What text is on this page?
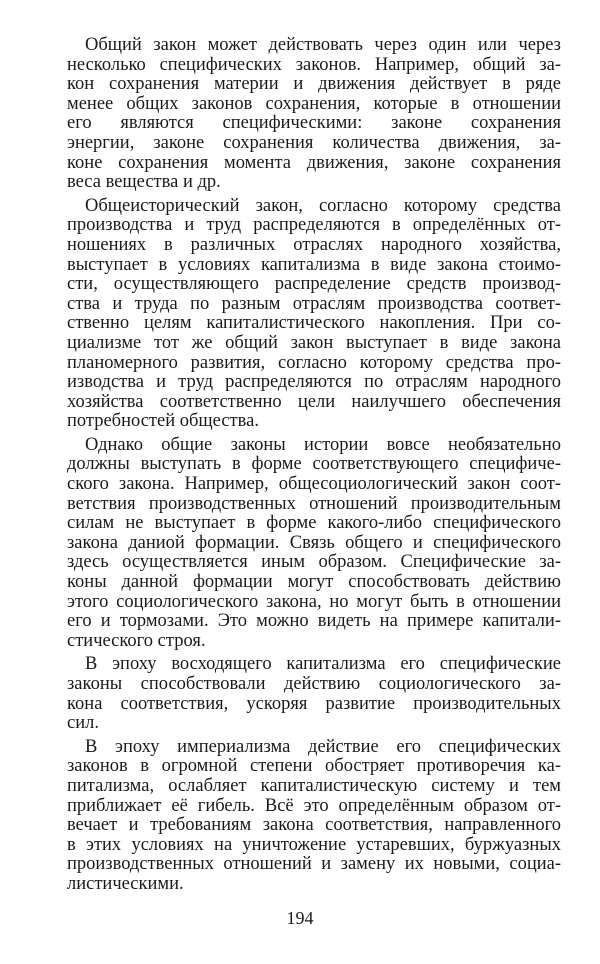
Общий закон может действовать через один или через
несколько специфических законов. Например, общий за-
кон сохранения материи и движения действует в ряде
менее общих законов сохранения, которые в отношении
его являются специфическими: законе сохранения
энергии, законе сохранения количества движения, за-
коне сохранения момента движения, законе сохранения
веса вещества и др.
Общеисторический закон, согласно которому средства
производства и труд распределяются в определённых от-
ношениях в различных отраслях народного хозяйства,
выступает в условиях капитализма в виде закона стоимо-
сти, осуществляющего распределение средств производ-
ства и труда по разным отраслям производства соответ-
ственно целям капиталистического накопления. При со-
циализме тот же общий закон выступает в виде закона
планомерного развития, согласно которому средства про-
изводства и труд распределяются по отраслям народного
хозяйства соответственно цели наилучшего обеспечения
потребностей общества.
Однако общие законы истории вовсе необязательно
должны выступать в форме соответствующего специфиче-
ского закона. Например, общесоциологический закон соот-
ветствия производственных отношений производительным
силам не выступает в форме какого-либо специфического
закона даниой формации. Связь общего и специфического
здесь осуществляется иным образом. Специфические за-
коны данной формации могут способствовать действию
этого социологического закона, но могут быть в отношении
его и тормозами. Это можно видеть на примере капитали-
стического строя.
В эпоху восходящего капитализма его специфические
законы способствовали действию социологического за-
кона соответствия, ускоряя развитие производительных
сил.
В эпоху империализма действие его специфических
законов в огромной степени обостряет противоречия ка-
питализма, ослабляет капиталистическую систему и тем
приближает её гибель. Всё это определённым образом от-
вечает и требованиям закона соответствия, направленного
в этих условиях на уничтожение устаревших, буржуазных
производственных отношений и замену их новыми, социа-
листическими.
194
